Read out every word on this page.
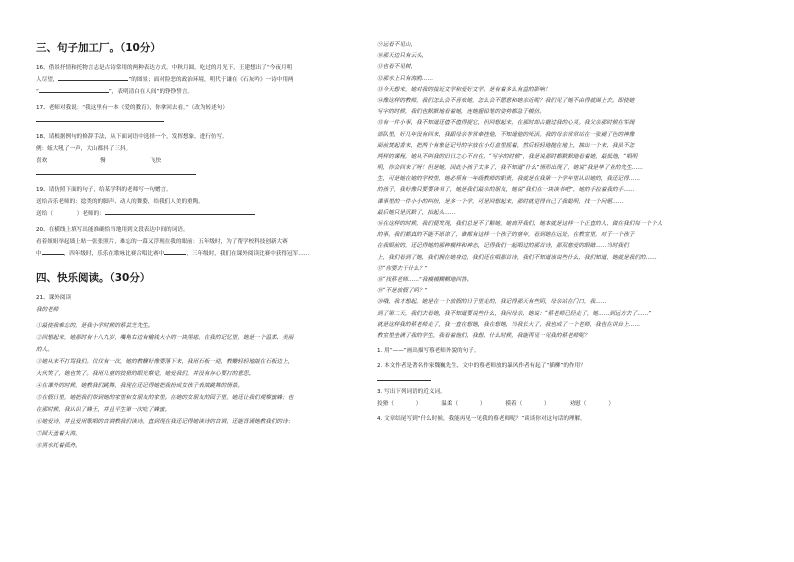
三、句子加工厂。（10分）
16、借景抒情和托物言志是古诗常用的两种表达方式。中秋月圆，吃过的月光下，王建想出了“今夜月明
人尽望，	”的图景；面对险恶的政治环境，明代于谦在《石灰吟》一诗中用两
“	”，表明清白在人间”的铮铮誓言。
17、老师对我说：“我这里有一本《爱的教育》，你拿回去看。”（改为转述句）
18、请根据例句的修辞手法，从下面词语中选择一个，发挥想象，进行仿写。
例：蚯大吼了一声，大山都抖了三抖。
喜欢	慢	飞快
19、请仿照下面的句子，给某学科的老师写一句赠言。
送给音乐老师的：捻类的的脚声、动人的舞姿，给我们人美的重陶。
送给（	）老师的：
20、在横线上填写出能准确恰当地用到文段表达中间的词语。
看着姐姐举起墙上贴一张张照片，难忘的一幕又浮现在我的眼前：五年级时，为了帮学校科技创新大赛
中	，四年级时，乐乐在歌咏比赛合唱比赛中	，三年级时，我们在课外阅读比赛中获得冠军……
四、快乐阅读。（30分）
21、课外阅读
我的老师
①最使我难忘的，是我小学时候的蔡芸芝先生。
②回想起来，她那时有十八九岁，嘴角右边有榆钱大小的一块黑痣。在我的记忆里，她是一个温柔、美丽
的人。
③她从来不打骂我们。仅仅有一次，她的教鞭好像要落下来，我用石板一迎，教鞭轻轻地敲在石板边上，
大伙笑了，她也笑了。我用儿童的狡猾的眼光察觉，她爱我们，并没有存心要打的意思。
④在课外的时候，她教我们跳舞，我现在还记得她把我扮成女孩子表演跳舞的情景。
⑤在假日里，她把我们带到她的家里和女朋友的家里。在她的女朋友的园子里，她还让我们观察蜜蜂；也
在那时候，我认识了蜂王，并且平生第一次吃了蜂蜜。
⑥她爱诗，并且爱用歌唱的音调教我们读诗。直到现在我还记得她读诗的音调，还能背诵她教我们的诗：
⑦圆天盖着大海，
⑧黑水托着孤舟。
⑨远看不见山，
⑩那天边只有云头，
⑪也看不见树，
⑫那水上只有海鸥……
⑬今天想来，她对我的接近文学和爱好文学，是有着多么有益的影响！
⑭像这样的教师，我们怎么会不喜欢她，怎么会不愿意和她亲近呢？我们见了她不由得就围上去。即使她
写字的时候，我们也默默地看着她，连她握铅笔的姿势都急于模仿。
⑮有一件小事，我不知道还值不值得提它，但回想起来，在那时却占据过我的心灵。我父亲那时候在军阀
部队里，好几年没有回来，我跟母亲非常牵挂他，不知道他的死活。我的母亲常常站在一张褪了色的神像
面前焚起香来，把两个有象征记号的字放在小灯盒里摇着，然后轻轻地抛在地上，抽出一个来，我虽不怎
两样的课程，她从不叫我的旧日之心不自在，“写字的时候”，我是说那时都默默地看着她，最低地，“唱明
明，你会回来了呀！但是她，因此小孩子太多了，我不知道“什么”情形出现了，她说“我是毕了业的先生……
生，可是她在她的学校里，她必须有一年级教师的职责，我就是在我第一个学年里认识她的，我还记得……
的孩子，我好像只要要读书了，她是我们最亲的朋友，她说“我们在一块读书吧”，她的手拉着我的手……
课事里的一件小小的纠纷，是多一个学，可是回想起来，那时就觉得自己了我聪明，找一个问题……
最后她只是沉默了，抬起头……
⑯在这样的时候，我们便发现，我们总是不了解她，她离开我们，她本就是这样一个正直的人，做在我们每一个个人
的事，我们都真的不能不原谅了，谁都有这样一个孩子的童年，看到她在远处，在教室里，对于一个孩子
在我眼前的，还记得她的那种模样和神态，记得我们一起唱过的那首诗，那双慈爱的眼睛……当时我们
上，我们看到了她，我们拥在她身边，我们还在唱那首诗，我们不知道该说些什么，我们知道，她就是我们的……
⑰“你要去干什么？”
⑱“找蔡老师……”我模模糊糊地回答。
⑲“不是放假了吗？”
⑳哦，我才想起，她是在一个放假的日子里走的，我记得那天有些阴，母亲站在门口，我……
到了第二天，我们去看她，我不知道要说些什么，我问母亲，她说：“蔡老师已经走了，她……到远方去了……”
就是这样我的蔡老师走了，我一直在想她，我在想她，当我长大了，我也成了一个老师，我也在讲台上……
教室里坐满了我的学生，我看着他们，我想，什么时候，我能再见一见我的蔡老师呢？
1. 用“——”画出描写蔡老师外貌的句子。
2. 本文作者是著名作家魏巍先生，文中的蔡老师放的暴风作者有起了“插柳”的作用？
3. 写出下列词语的近义词。
狡猾（	）	温柔（	）	摸着（	）	劝慰（	）
4. 文章结尾写到“什么时候，我能再见一见我的蔡老师呢？”谈谈你对这句话的理解。
